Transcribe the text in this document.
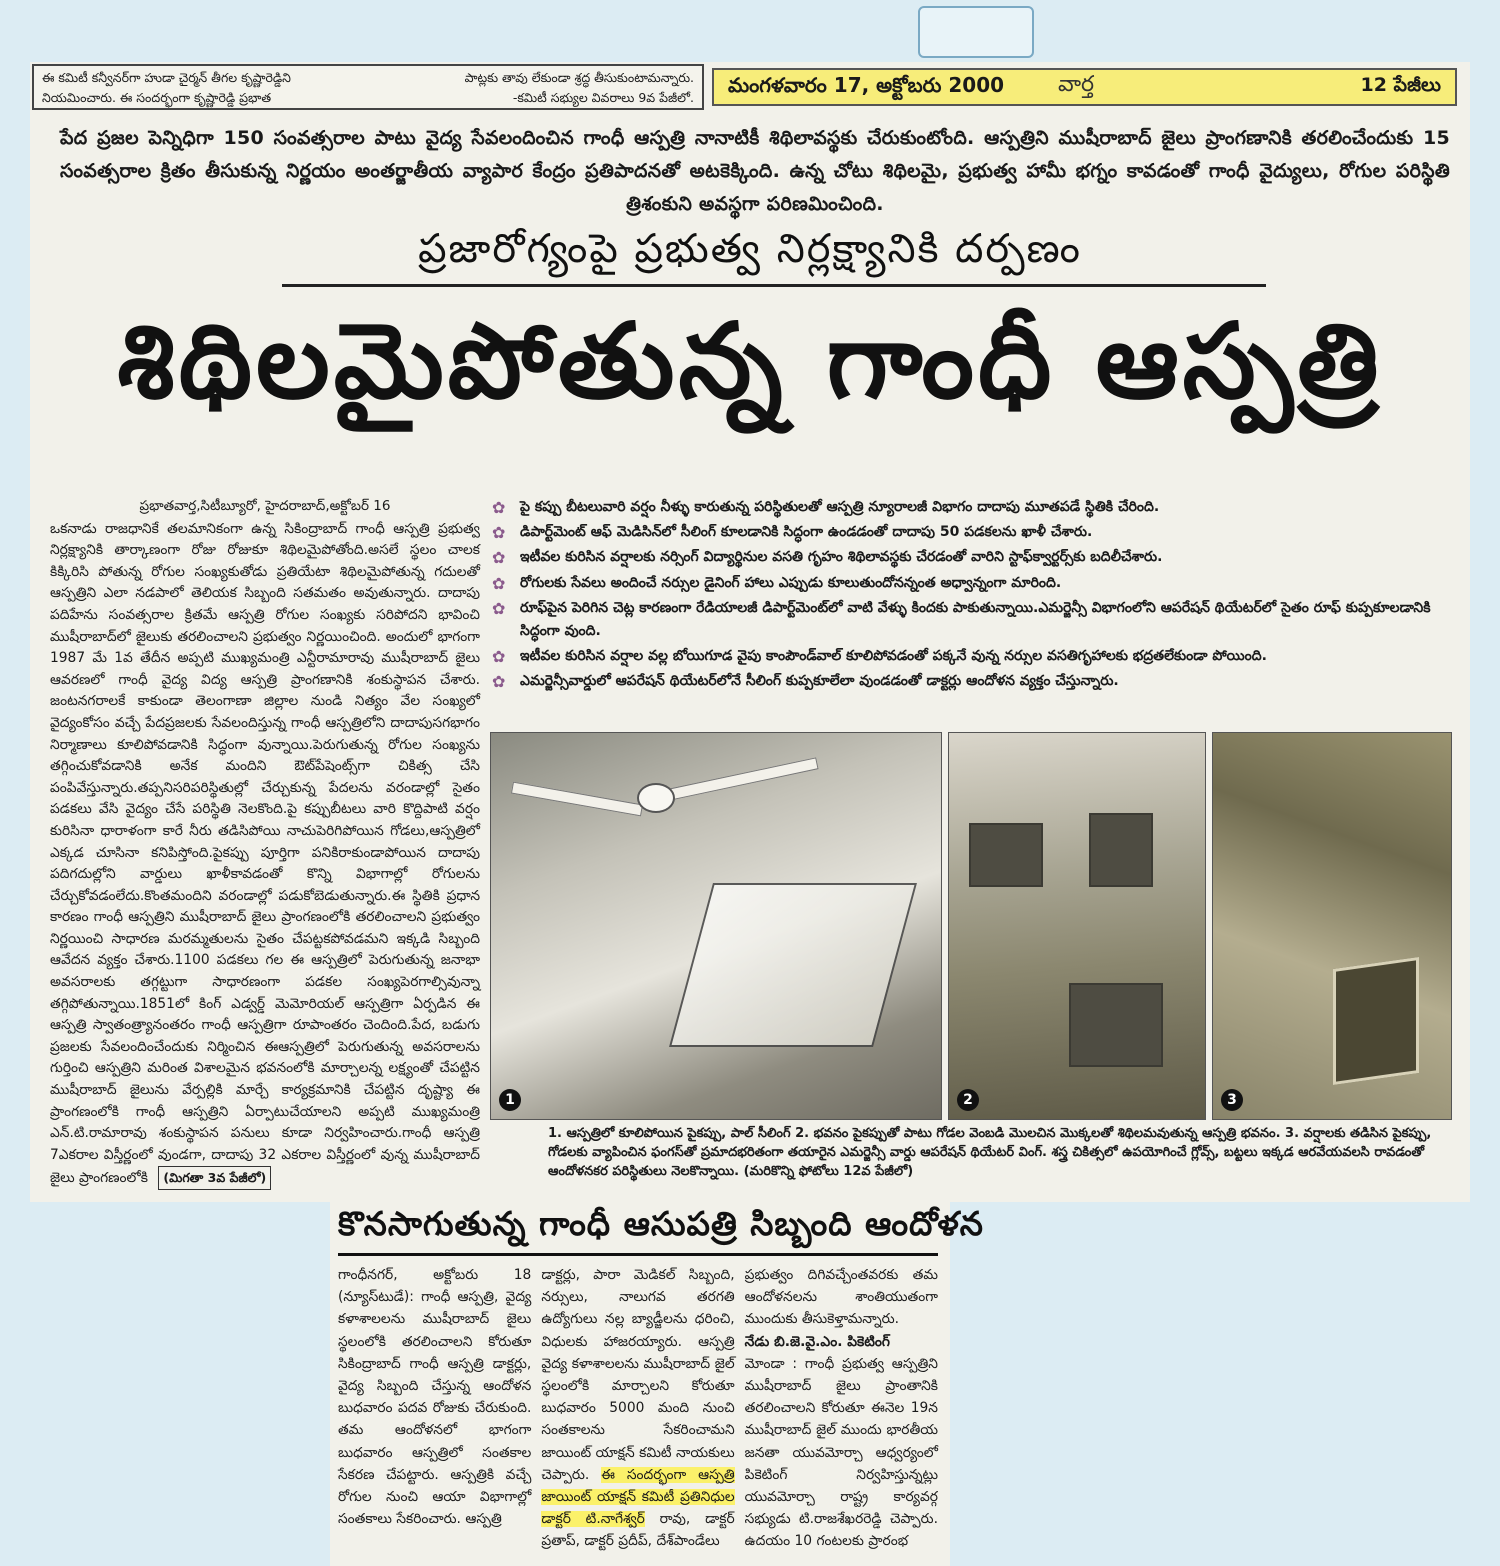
ఈ కమిటీ కన్వీనర్‌గా హుడా చైర్మన్ తీగల కృష్ణారెడ్డిని	పాట్లకు తావు లేకుండా శ్రద్ధ తీసుకుంటామన్నారు.
నియమించారు. ఈ సందర్భంగా కృష్ణారెడ్డి ప్రభాత	-కమిటీ సభ్యుల వివరాలు 9వ పేజీలో.
మంగళవారం 17, అక్టోబరు 2000	వార్త	12 పేజీలు
పేద ప్రజల పెన్నిధిగా 150 సంవత్సరాల పాటు వైద్య సేవలందించిన గాంధీ ఆస్పత్రి నానాటికీ శిథిలావస్థకు చేరుకుంటోంది. ఆస్పత్రిని ముషీరాబాద్ జైలు ప్రాంగణానికి తరలించేందుకు 15 సంవత్సరాల క్రితం తీసుకున్న నిర్ణయం అంతర్జాతీయ వ్యాపార కేంద్రం ప్రతిపాదనతో అటకెక్కింది. ఉన్న చోటు శిథిలమై, ప్రభుత్వ హామీ భగ్నం కావడంతో గాంధీ వైద్యులు, రోగుల పరిస్థితి త్రిశంకుని అవస్థగా పరిణమించింది.
ప్రజారోగ్యంపై ప్రభుత్వ నిర్లక్ష్యానికి దర్పణం
శిథిలమైపోతున్న గాంధీ ఆస్పత్రి
ప్రభాతవార్త,సిటీబ్యూరో, హైదరాబాద్,అక్టోబర్ 16
ఒకనాడు రాజధానికే తలమానికంగా ఉన్న సికింద్రాబాద్ గాంధీ ఆస్పత్రి ప్రభుత్వ నిర్లక్ష్యానికి తార్కాణంగా రోజు రోజుకూ శిథిలమైపోతోంది.అసలే స్థలం చాలక కిక్కిరిసి పోతున్న రోగుల సంఖ్యకుతోడు ప్రతియేటా శిథిలమైపోతున్న గదులతో ఆస్పత్రిని ఎలా నడపాలో తెలియక సిబ్బంది సతమతం అవుతున్నారు. దాదాపు పదిహేను సంవత్సరాల క్రితమే ఆస్పత్రి రోగుల సంఖ్యకు సరిపోదని భావించి ముషీరాబాద్‌లో జైలుకు తరలించాలని ప్రభుత్వం నిర్ణయించింది. అందులో భాగంగా 1987 మే 1వ తేదీన అప్పటి ముఖ్యమంత్రి ఎన్టీరామారావు ముషీరాబాద్ జైలు ఆవరణలో గాంధీ వైద్య విద్య ఆస్పత్రి ప్రాంగణానికి శంకుస్థాపన చేశారు. జంటనగరాలకే కాకుండా తెలంగాణా జిల్లాల నుండి నిత్యం వేల సంఖ్యలో వైద్యంకోసం వచ్చే పేదప్రజలకు సేవలందిస్తున్న గాంధీ ఆస్పత్రిలోని దాదాపుసగభాగం నిర్మాణాలు కూలిపోవడానికి సిద్ధంగా వున్నాయి.పెరుగుతున్న రోగుల సంఖ్యను తగ్గించుకోవడానికి అనేక మందిని ఔట్‌పేషెంట్స్‌గా చికిత్స చేసి పంపివేస్తున్నారు.తప్పనిసరిపరిస్థితుల్లో చేర్చుకున్న పేదలను వరండాల్లో సైతం పడకలు వేసి వైద్యం చేసే పరిస్థితి నెలకొంది.పై కప్పుబీటలు వారి కొద్దిపాటి వర్షం కురిసినా ధారాళంగా కారే నీరు తడిసిపోయి నాచుపెరిగిపోయిన గోడలు,ఆస్పత్రిలో ఎక్కడ చూసినా కనిపిస్తోంది.పైకప్పు పూర్తిగా పనికిరాకుండాపోయిన దాదాపు పదిగదుల్లోని వార్డులు ఖాళీకావడంతో కొన్ని విభాగాల్లో రోగులను చేర్చుకోవడంలేదు.కొంతమందిని వరండాల్లో పడుకోబెడుతున్నారు.ఈ స్థితికి ప్రధాన కారణం గాంధీ ఆస్పత్రిని ముషీరాబాద్ జైలు ప్రాంగణంలోకి తరలించాలని ప్రభుత్వం నిర్ణయించి సాధారణ మరమ్మతులను సైతం చేపట్టకపోవడమని ఇక్కడి సిబ్బంది ఆవేదన వ్యక్తం చేశారు.1100 పడకలు గల ఈ ఆస్పత్రిలో పెరుగుతున్న జనాభా అవసరాలకు తగ్గట్టుగా సాధారణంగా పడకల సంఖ్యపెరగాల్సివున్నా తగ్గిపోతున్నాయి.1851లో కింగ్ ఎడ్వర్డ్ మెమోరియల్ ఆస్పత్రిగా ఏర్పడిన ఈ ఆస్పత్రి స్వాతంత్ర్యానంతరం గాంధీ ఆస్పత్రిగా రూపాంతరం చెందింది.పేద, బడుగు ప్రజలకు సేవలందించేందుకు నిర్మించిన ఈఆస్పత్రిలో పెరుగుతున్న అవసరాలను గుర్తించి ఆస్పత్రిని మరింత విశాలమైన భవనంలోకి మార్చాలన్న లక్ష్యంతో చేపట్టిన ముషీరాబాద్ జైలును వేర్పల్లికి మార్చే కార్యక్రమానికి చేపట్టిన దృష్ట్యా ఈ ప్రాంగణంలోకి గాంధీ ఆస్పత్రిని ఏర్పాటుచేయాలని అప్పటి ముఖ్యమంత్రి ఎన్.టి.రామారావు శంకుస్థాపన పనులు కూడా నిర్వహించారు.గాంధీ ఆస్పత్రి 7ఎకరాల విస్తీర్ణంలో వుండగా, దాదాపు 32 ఎకరాల విస్తీర్ణంలో వున్న ముషీరాబాద్ జైలు ప్రాంగణంలోకి (మిగతా 3వ పేజీలో)
✿	పై కప్పు బీటలువారి వర్షం నీళ్ళు కారుతున్న పరిస్థితులతో ఆస్పత్రి న్యూరాలజీ విభాగం దాదాపు మూతపడే స్థితికి చేరింది.
✿	డిపార్ట్‌మెంట్ ఆఫ్ మెడిసిన్‌లో సీలింగ్ కూలడానికి సిద్ధంగా ఉండడంతో దాదాపు 50 పడకలను ఖాళీ చేశారు.
✿	ఇటీవల కురిసిన వర్షాలకు నర్సింగ్ విద్యార్థినుల వసతి గృహం శిథిలావస్థకు చేరడంతో వారిని స్టాఫ్‌క్వార్టర్స్‌కు బదిలీచేశారు.
✿	రోగులకు సేవలు అందించే నర్సుల డైనింగ్ హాలు ఎప్పుడు కూలుతుందోనన్నంత అధ్వాన్నంగా మారింది.
✿	రూఫ్‌పైన పెరిగిన చెట్ల కారణంగా రేడియాలజీ డిపార్ట్‌మెంట్‌లో వాటి వేళ్ళు కిందకు పాకుతున్నాయి.ఎమర్జెన్సీ విభాగంలోని ఆపరేషన్ థియేటర్‌లో సైతం రూఫ్ కుప్పకూలడానికి సిద్ధంగా వుంది.
✿	ఇటీవల కురిసిన వర్షాల వల్ల బోయిగూడ వైపు కాంపౌండ్‌వాల్ కూలిపోవడంతో పక్కనే వున్న నర్సుల వసతిగృహాలకు భద్రతలేకుండా పోయింది.
✿	ఎమర్జెన్సీవార్డులో ఆపరేషన్ థియేటర్‌లోనే సీలింగ్ కుప్పకూలేలా వుండడంతో డాక్టర్లు ఆందోళన వ్యక్తం చేస్తున్నారు.
1	2	3
1. ఆస్పత్రిలో కూలిపోయిన పైకప్పు, పాల్ సీలింగ్ 2. భవనం పైకప్పుతో పాటు గోడల వెంబడి మొలచిన మొక్కలతో శిథిలమవుతున్న ఆస్పత్రి భవనం. 3. వర్షాలకు తడిసిన పైకప్పు, గోడలకు వ్యాపించిన ఫంగస్‌తో ప్రమాదభరితంగా తయారైన ఎమర్జెన్సీ వార్డు ఆపరేషన్ థియేటర్ వింగ్. శస్త్ర చికిత్సలో ఉపయోగించే గ్లోవ్స్, బట్టలు ఇక్కడ ఆరవేయవలసి రావడంతో ఆందోళనకర పరిస్థితులు నెలకొన్నాయి. (మరికొన్ని ఫోటోలు 12వ పేజీలో)
కొనసాగుతున్న గాంధీ ఆసుపత్రి సిబ్బంది ఆందోళన
గాంధీనగర్, అక్టోబరు 18 (న్యూస్‌టుడే): గాంధీ ఆస్పత్రి, వైద్య కళాశాలలను ముషీరాబాద్ జైలు స్థలంలోకి తరలించాలని కోరుతూ సికింద్రాబాద్ గాంధీ ఆస్పత్రి డాక్టర్లు, వైద్య సిబ్బంది చేస్తున్న ఆందోళన బుధవారం పదవ రోజుకు చేరుకుంది. తమ ఆందోళనలో భాగంగా బుధవారం ఆస్పత్రిలో సంతకాల సేకరణ చేపట్టారు. ఆస్పత్రికి వచ్చే రోగుల నుంచి ఆయా విభాగాల్లో సంతకాలు సేకరించారు. ఆస్పత్రి
డాక్టర్లు, పారా మెడికల్ సిబ్బంది, నర్సులు, నాలుగవ తరగతి ఉద్యోగులు నల్ల బ్యాడ్జీలను ధరించి, విధులకు హాజరయ్యారు. ఆస్పత్రి వైద్య కళాశాలలను ముషీరాబాద్ జైల్ స్థలంలోకి మార్చాలని కోరుతూ బుధవారం 5000 మంది నుంచి సంతకాలను సేకరించామని జాయింట్ యాక్షన్ కమిటీ నాయకులు చెప్పారు. ఈ సందర్భంగా ఆస్పత్రి జాయింట్ యాక్షన్ కమిటీ ప్రతినిధుల డాక్టర్ టి.నాగేశ్వర్ రావు, డాక్టర్ ప్రతాప్, డాక్టర్ ప్రదీప్, దేశ్‌పాండేలు
ప్రభుత్వం దిగివచ్చేంతవరకు తమ ఆందోళనలను శాంతియుతంగా ముందుకు తీసుకెళ్తామన్నారు.
నేడు బి.జె.వై.ఎం. పికెటింగ్
మోండా : గాంధీ ప్రభుత్వ ఆస్పత్రిని ముషీరాబాద్ జైలు ప్రాంతానికి తరలించాలని కోరుతూ ఈనెల 19న ముషీరాబాద్ జైల్ ముందు భారతీయ జనతా యువమోర్చా ఆధ్వర్యంలో పికెటింగ్ నిర్వహిస్తున్నట్లు యువమోర్చా రాష్ట్ర కార్యవర్గ సభ్యుడు టి.రాజశేఖరరెడ్డి చెప్పారు. ఉదయం 10 గంటలకు ప్రారంభ
